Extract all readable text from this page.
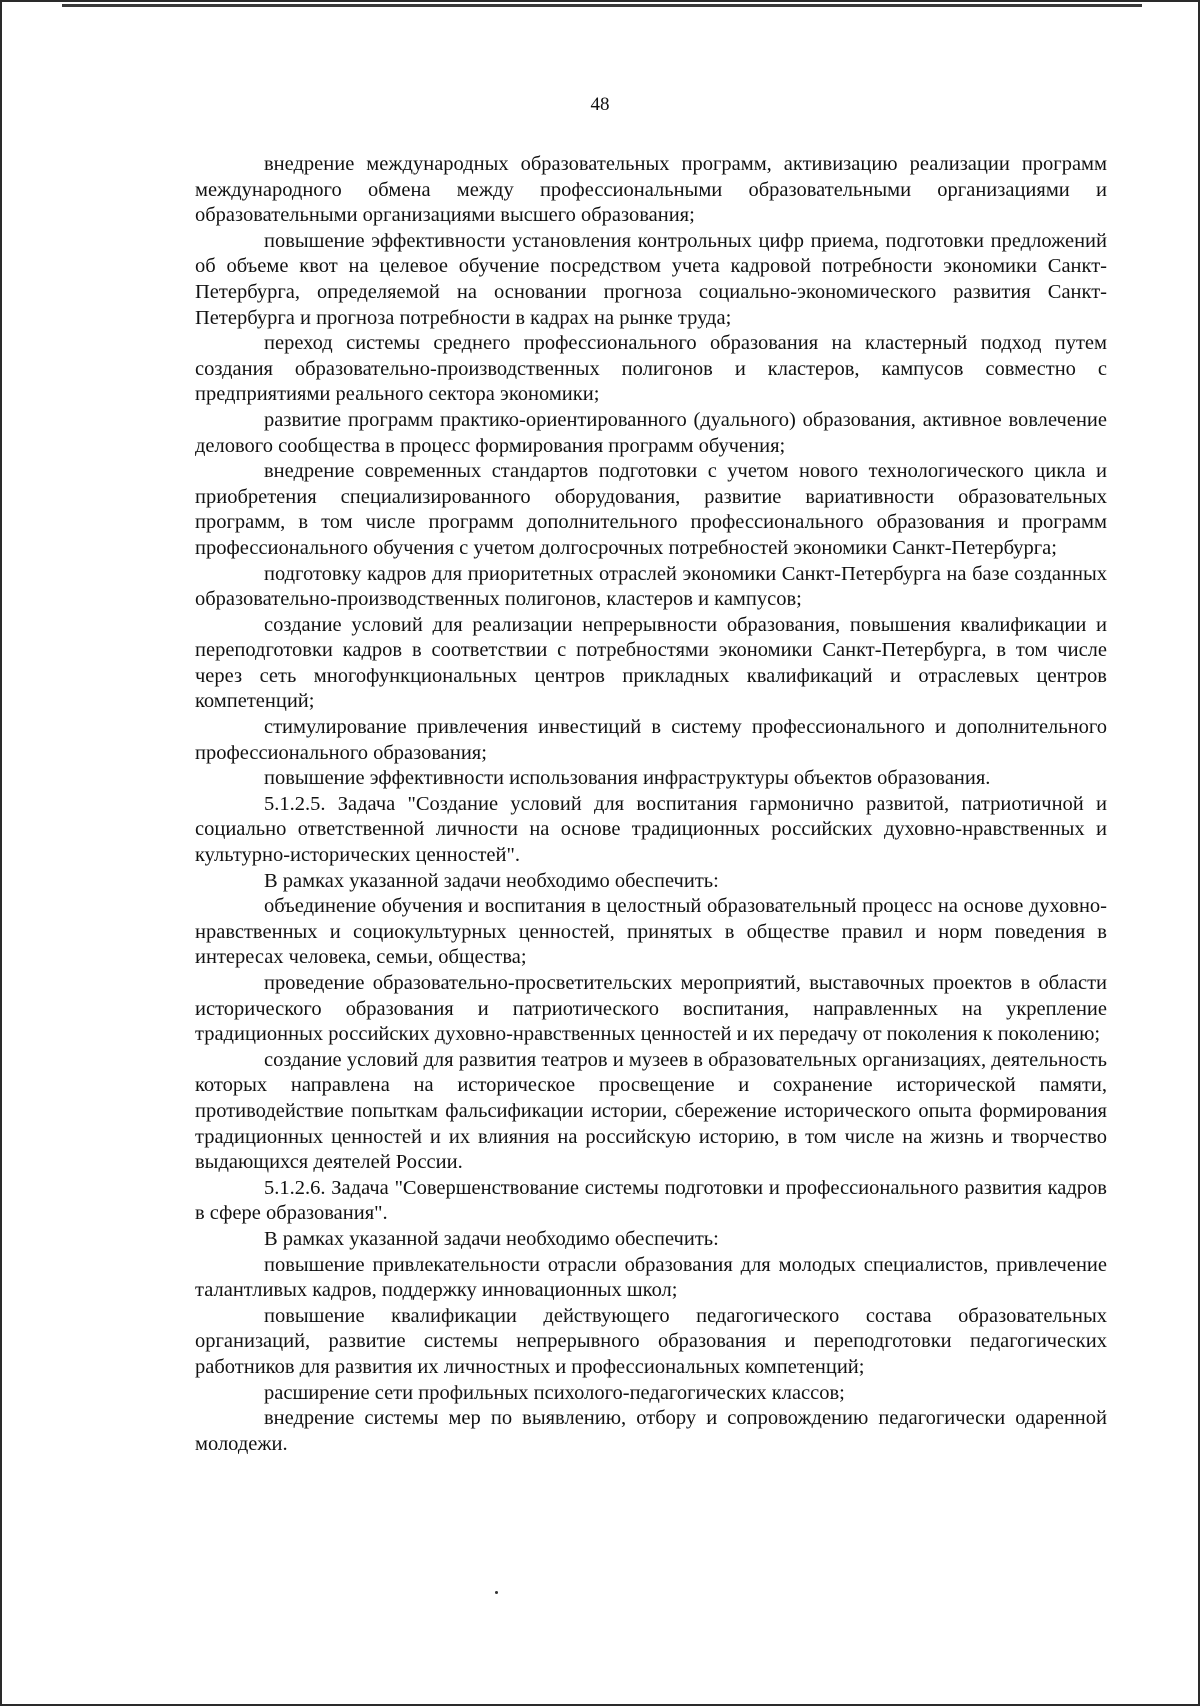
48

внедрение международных образовательных программ, активизацию реализации программ международного обмена между профессиональными образовательными организациями и образовательными организациями высшего образования;

повышение эффективности установления контрольных цифр приема, подготовки предложений об объеме квот на целевое обучение посредством учета кадровой потребности экономики Санкт-Петербурга, определяемой на основании прогноза социально-экономического развития Санкт-Петербурга и прогноза потребности в кадрах на рынке труда;

переход системы среднего профессионального образования на кластерный подход путем создания образовательно-производственных полигонов и кластеров, кампусов совместно с предприятиями реального сектора экономики;

развитие программ практико-ориентированного (дуального) образования, активное вовлечение делового сообщества в процесс формирования программ обучения;

внедрение современных стандартов подготовки с учетом нового технологического цикла и приобретения специализированного оборудования, развитие вариативности образовательных программ, в том числе программ дополнительного профессионального образования и программ профессионального обучения с учетом долгосрочных потребностей экономики Санкт-Петербурга;

подготовку кадров для приоритетных отраслей экономики Санкт-Петербурга на базе созданных образовательно-производственных полигонов, кластеров и кампусов;

создание условий для реализации непрерывности образования, повышения квалификации и переподготовки кадров в соответствии с потребностями экономики Санкт-Петербурга, в том числе через сеть многофункциональных центров прикладных квалификаций и отраслевых центров компетенций;

стимулирование привлечения инвестиций в систему профессионального и дополнительного профессионального образования;

повышение эффективности использования инфраструктуры объектов образования.

5.1.2.5. Задача "Создание условий для воспитания гармонично развитой, патриотичной и социально ответственной личности на основе традиционных российских духовно-нравственных и культурно-исторических ценностей".

В рамках указанной задачи необходимо обеспечить:

объединение обучения и воспитания в целостный образовательный процесс на основе духовно-нравственных и социокультурных ценностей, принятых в обществе правил и норм поведения в интересах человека, семьи, общества;

проведение образовательно-просветительских мероприятий, выставочных проектов в области исторического образования и патриотического воспитания, направленных на укрепление традиционных российских духовно-нравственных ценностей и их передачу от поколения к поколению;

создание условий для развития театров и музеев в образовательных организациях, деятельность которых направлена на историческое просвещение и сохранение исторической памяти, противодействие попыткам фальсификации истории, сбережение исторического опыта формирования традиционных ценностей и их влияния на российскую историю, в том числе на жизнь и творчество выдающихся деятелей России.

5.1.2.6. Задача "Совершенствование системы подготовки и профессионального развития кадров в сфере образования".

В рамках указанной задачи необходимо обеспечить:

повышение привлекательности отрасли образования для молодых специалистов, привлечение талантливых кадров, поддержку инновационных школ;

повышение квалификации действующего педагогического состава образовательных организаций, развитие системы непрерывного образования и переподготовки педагогических работников для развития их личностных и профессиональных компетенций;

расширение сети профильных психолого-педагогических классов;

внедрение системы мер по выявлению, отбору и сопровождению педагогически одаренной молодежи.
